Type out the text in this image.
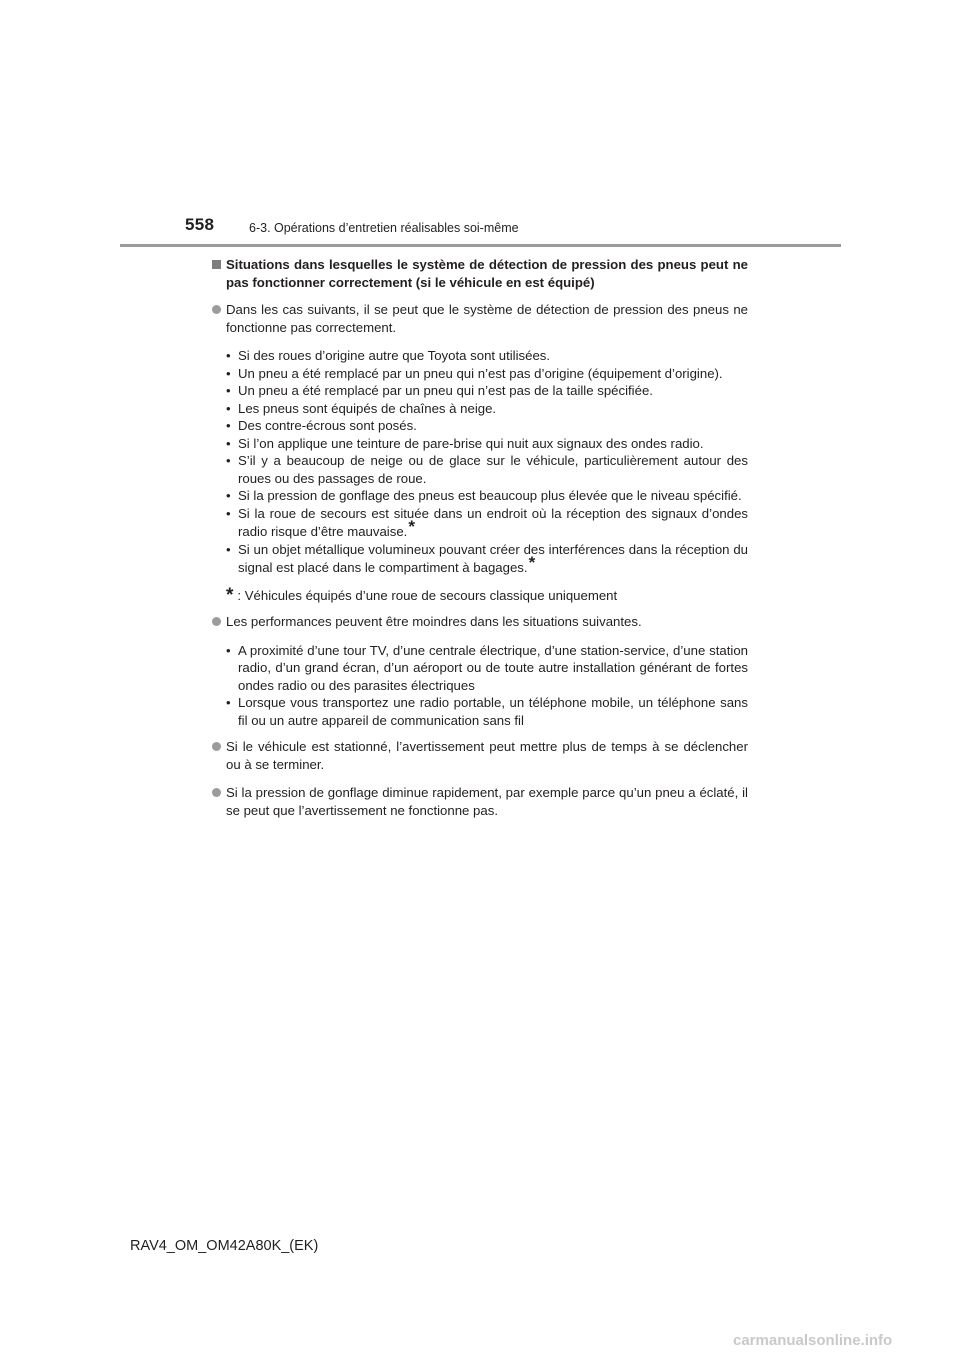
558	6-3. Opérations d’entretien réalisables soi-même
Situations dans lesquelles le système de détection de pression des pneus peut ne pas fonctionner correctement (si le véhicule en est équipé)
Dans les cas suivants, il se peut que le système de détection de pression des pneus ne fonctionne pas correctement.
• Si des roues d’origine autre que Toyota sont utilisées.
• Un pneu a été remplacé par un pneu qui n’est pas d’origine (équipement d’origine).
• Un pneu a été remplacé par un pneu qui n’est pas de la taille spécifiée.
• Les pneus sont équipés de chaînes à neige.
• Des contre-écrous sont posés.
• Si l’on applique une teinture de pare-brise qui nuit aux signaux des ondes radio.
• S’il y a beaucoup de neige ou de glace sur le véhicule, particulièrement autour des roues ou des passages de roue.
• Si la pression de gonflage des pneus est beaucoup plus élevée que le niveau spécifié.
• Si la roue de secours est située dans un endroit où la réception des signaux d’ondes radio risque d’être mauvaise.*
• Si un objet métallique volumineux pouvant créer des interférences dans la réception du signal est placé dans le compartiment à bagages.*
* : Véhicules équipés d’une roue de secours classique uniquement
Les performances peuvent être moindres dans les situations suivantes.
• A proximité d’une tour TV, d’une centrale électrique, d’une station-service, d’une station radio, d’un grand écran, d’un aéroport ou de toute autre installation générant de fortes ondes radio ou des parasites électriques
• Lorsque vous transportez une radio portable, un téléphone mobile, un téléphone sans fil ou un autre appareil de communication sans fil
Si le véhicule est stationné, l’avertissement peut mettre plus de temps à se déclencher ou à se terminer.
Si la pression de gonflage diminue rapidement, par exemple parce qu’un pneu a éclaté, il se peut que l’avertissement ne fonctionne pas.
RAV4_OM_OM42A80K_(EK)
carmanualsonline.info
